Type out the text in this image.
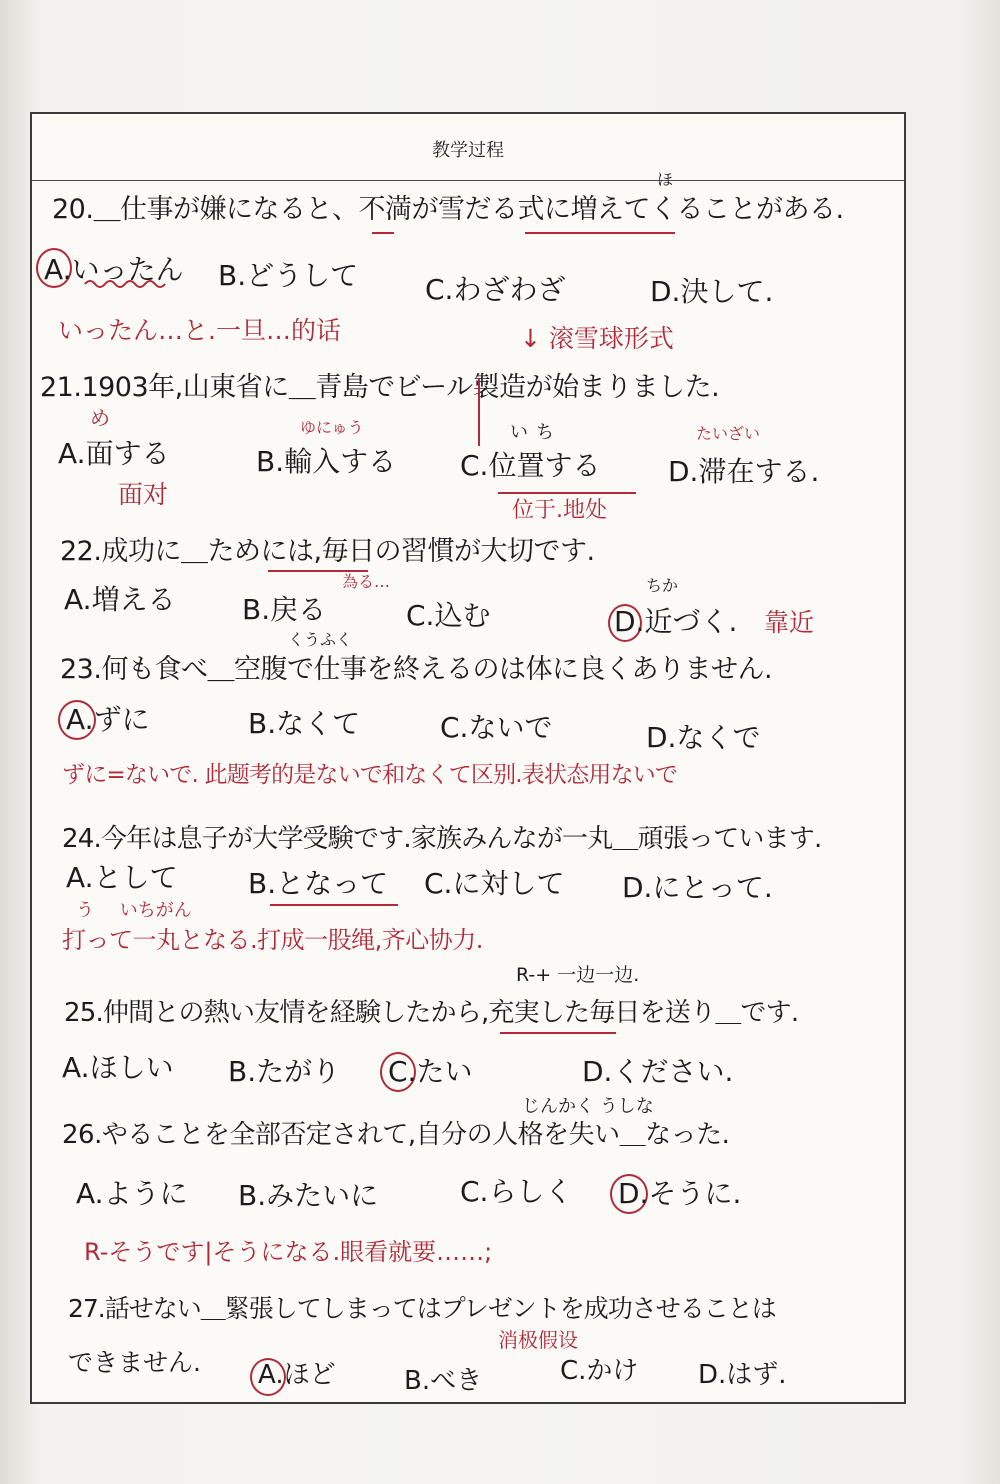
教学过程
ほ
20.＿仕事が嫌になると、不満が雪だる式に増えてくることがある.
A.いったん B.どうして C.わざわざ	D.決して.
いったん…と.一旦…的话	↓ 滚雪球形式
21.1903年,山東省に＿青島でビール製造が始まりました.
め	ゆにゅう	いち	たいざい
A.面する	B.輸入する C.位置する D.滞在する.
面对
位于.地处
22.成功に＿ためには,毎日の習慣が大切です.
為る…	ちか
A.増える B.戻る	C.込む	D.近づく. 靠近
くうふく
23.何も食べ＿空腹で仕事を終えるのは体に良くありません.
A.ずに	B.なくて	C.ないで	D.なくで
ずに=ないで. 此题考的是ないで和なくて区别.表状态用ないで
24.今年は息子が大学受験です.家族みんなが一丸＿頑張っています.
A.として	B.となって C.に対して D.にとって.
う いちがん
打って一丸となる.打成一股绳,齐心协力.
R-+ 一边一边.
25.仲間との熱い友情を経験したから,充実した毎日を送り＿です.
A.ほしい B.たがり C.たい	D.ください.
じんかく うしな
26.やることを全部否定されて,自分の人格を失い＿なった.
A.ように B.みたいに	C.らしく D.そうに.
R-そうです|そうになる.眼看就要……;
27.話せない＿緊張してしまってはプレゼントを成功させることは
消极假设
できません. A.ほど	B.べき	C.かけ D.はず.
